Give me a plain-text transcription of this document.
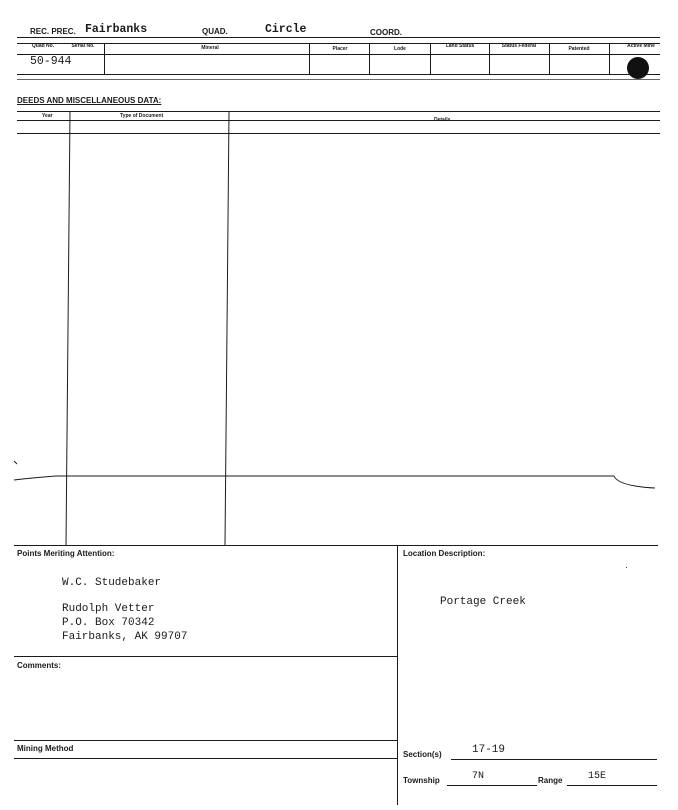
REC. PREC. Fairbanks	QUAD.	Circle	COORD.
Quad No.	Serial No.	Mineral	Placer	Lode	Land Status	Status Federal	Patented	Active Mine
50-944
DEEDS AND MISCELLANEOUS DATA:
Year	Type of Document
Details
Points Meriting Attention:
W.C. Studebaker
Rudolph Vetter
P.O. Box 70342
Fairbanks, AK 99707
Location Description:
Portage Creek
Comments:
Mining Method
Section(s)	17-19
Township	7N	Range	15E
